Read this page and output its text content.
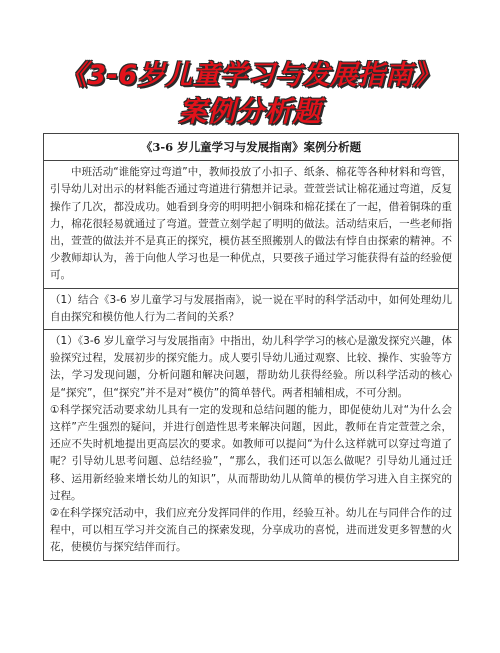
《3-6岁儿童学习与发展指南》
案例分析题
《3-6 岁儿童学习与发展指南》案例分析题
中班活动“谁能穿过弯道”中，教师投放了小扣子、纸条、棉花等各种材料和弯管，引导幼儿对出示的材料能否通过弯道进行猜想并记录。萱萱尝试让棉花通过弯道，反复操作了几次，都没成功。她看到身旁的明明把小铜珠和棉花揉在了一起，借着铜珠的重力，棉花很轻易就通过了弯道。萱萱立刻学起了明明的做法。活动结束后，一些老师指出，萱萱的做法并不是真正的探究，模仿甚至照搬别人的做法有悖自由探索的精神。不少教师却认为，善于向他人学习也是一种优点，只要孩子通过学习能获得有益的经验便可。
（1）结合《3-6 岁儿童学习与发展指南》，说一说在平时的科学活动中，如何处理幼儿自由探究和模仿他人行为二者间的关系？

（1）《3-6 岁儿童学习与发展指南》中指出，幼儿科学学习的核心是激发探究兴趣，体验探究过程，发展初步的探究能力。成人要引导幼儿通过观察、比较、操作、实验等方法，学习发现问题，分析问题和解决问题，帮助幼儿获得经验。所以科学活动的核心是“探究”，但“探究”并不是对“模仿”的简单替代。两者相辅相成，不可分割。

①科学探究活动要求幼儿具有一定的发现和总结问题的能力，即促使幼儿对“为什么会这样”产生强烈的疑问，并进行创造性思考来解决问题，因此，教师在肯定萱萱之余，还应不失时机地提出更高层次的要求。如教师可以提问“为什么这样就可以穿过弯道了呢？引导幼儿思考问题、总结经验”，“那么，我们还可以怎么做呢？引导幼儿通过迁移、运用新经验来增长幼儿的知识”，从而帮助幼儿从简单的模仿学习进入自主探究的过程。

②在科学探究活动中，我们应充分发挥同伴的作用，经验互补。幼儿在与同伴合作的过程中，可以相互学习并交流自己的探索发现，分享成功的喜悦，进而迸发更多智慧的火花，使模仿与探究结伴而行。
